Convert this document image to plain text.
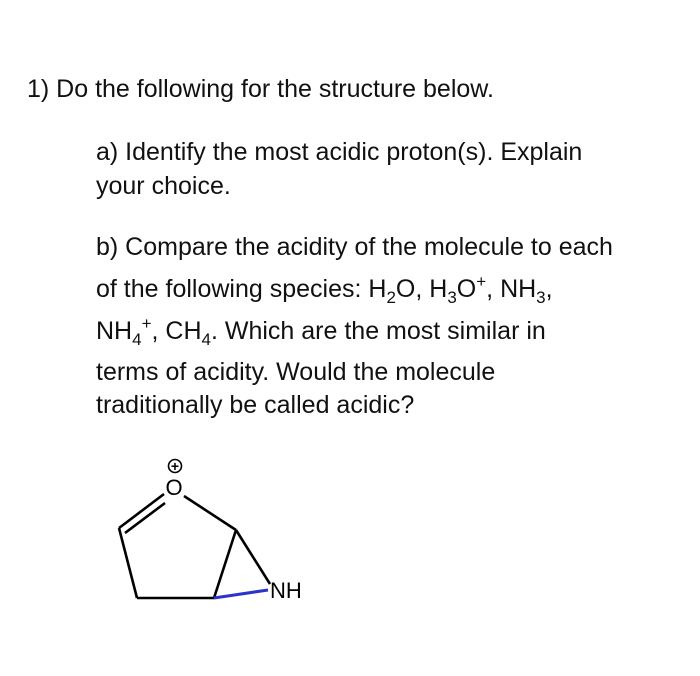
1) Do the following for the structure below.
a) Identify the most acidic proton(s). Explain
your choice.
b) Compare the acidity of the molecule to each
of the following species: $H_2O$, $H_3O^+$, $NH_3$,
$NH_4^+$, $CH_4$. Which are the most similar in
terms of acidity. Would the molecule
traditionally be called acidic?
+
O
NH
